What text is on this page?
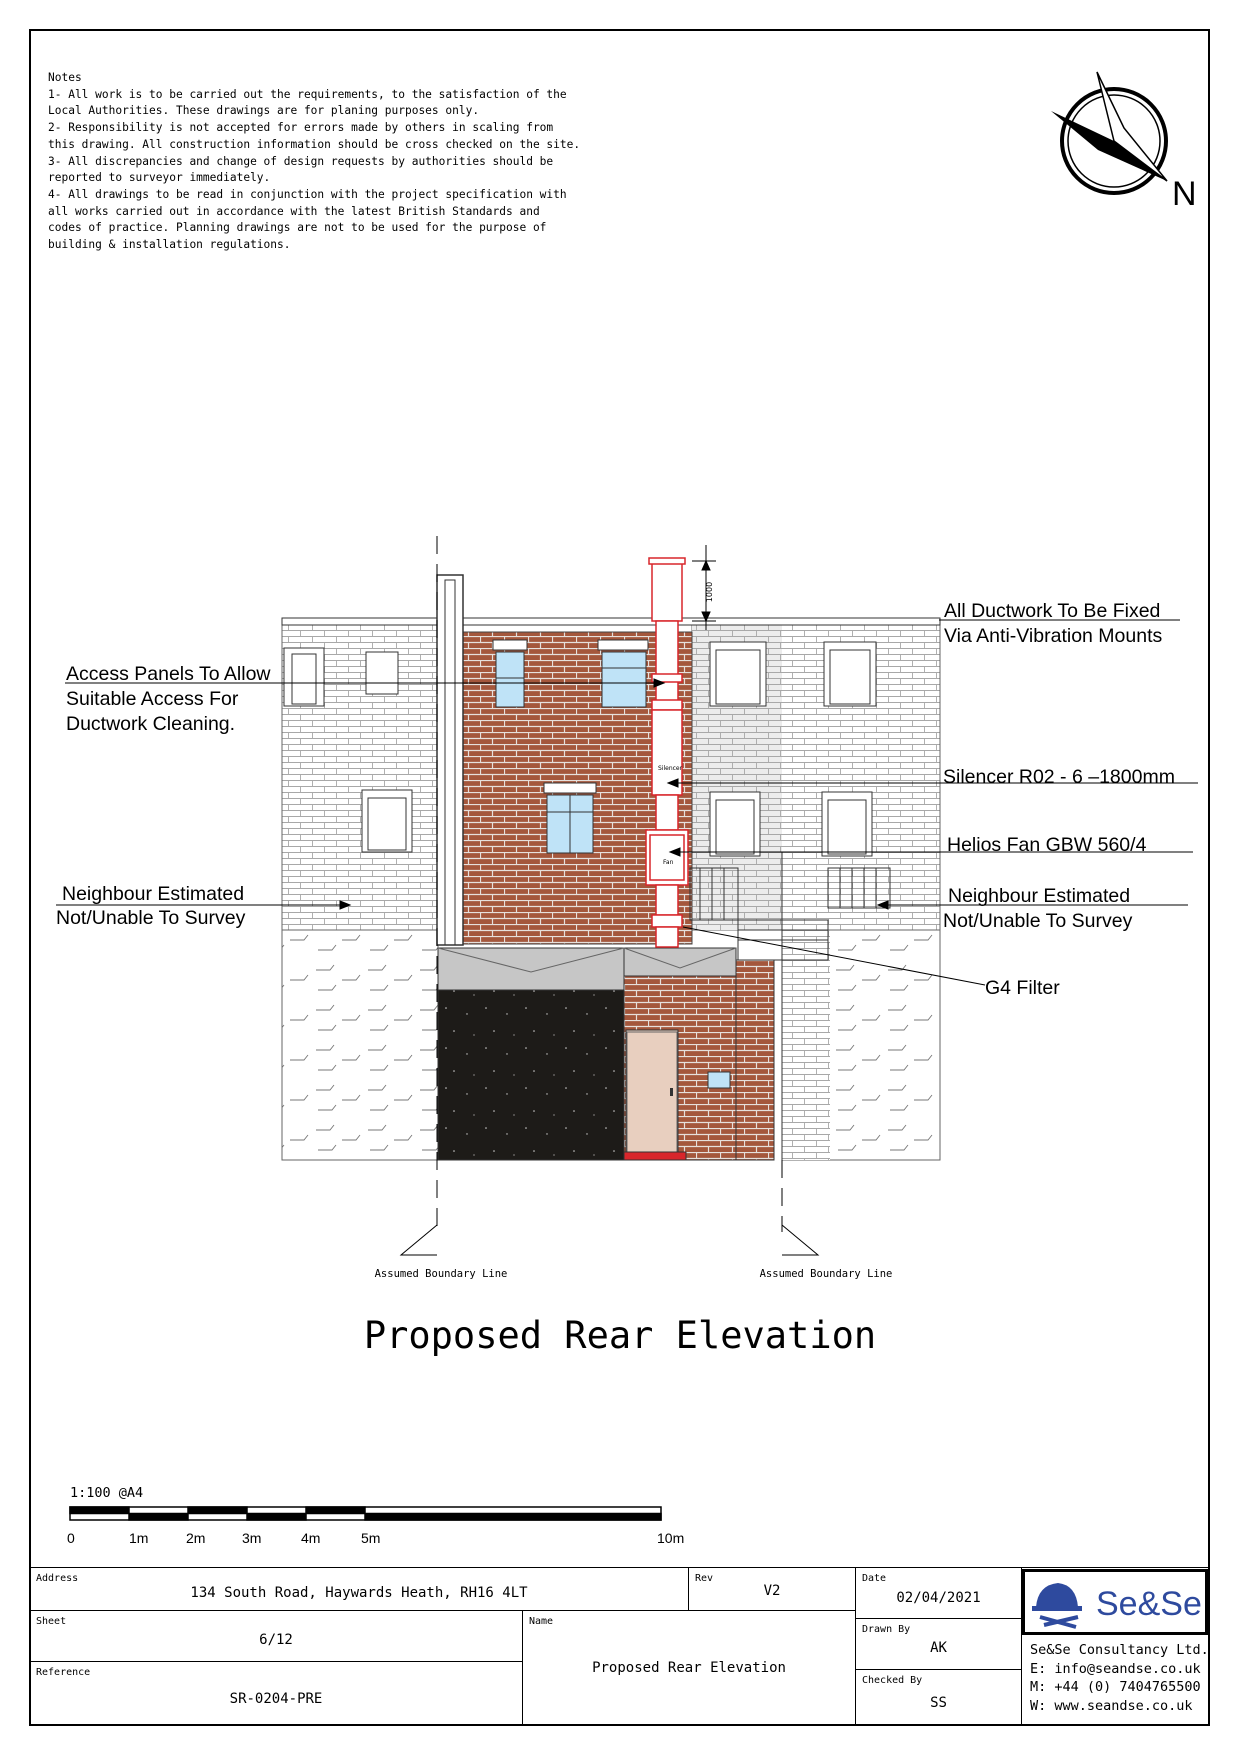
Notes
1- All work is to be carried out the requirements, to the satisfaction of the
Local Authorities. These drawings are for planing purposes only.
2- Responsibility is not accepted for errors made by others in scaling from
this drawing. All construction information should be cross checked on the site.
3- All discrepancies and change of design requests by authorities should be
reported to surveyor immediately.
4- All drawings to be read in conjunction with the project specification with
all works carried out in accordance with the latest British Standards and
codes of practice. Planning drawings are not to be used for the purpose of
building & installation regulations.
N
Silencer
Fan
1000
Assumed Boundary Line	Assumed Boundary Line
All Ductwork To Be Fixed
Via Anti-Vibration Mounts
Access Panels To Allow
Suitable Access For
Ductwork Cleaning.
Silencer R02 - 6 –1800mm
Helios Fan GBW 560/4
Neighbour Estimated
Not/Unable To Survey
Neighbour Estimated
Not/Unable To Survey
G4 Filter
Proposed Rear Elevation
1:100 @A4
0	1m	2m	3m	4m	5m	10m
Address
134 South Road, Haywards Heath, RH16 4LT
Rev
V2
Date
02/04/2021
Sheet
6/12
Name
Proposed Rear Elevation
Drawn By
AK
Reference
SR-0204-PRE
Checked By
SS
Se&Se
Se&Se Consultancy Ltd.
E: info@seandse.co.uk
M: +44 (0) 7404765500
W: www.seandse.co.uk
